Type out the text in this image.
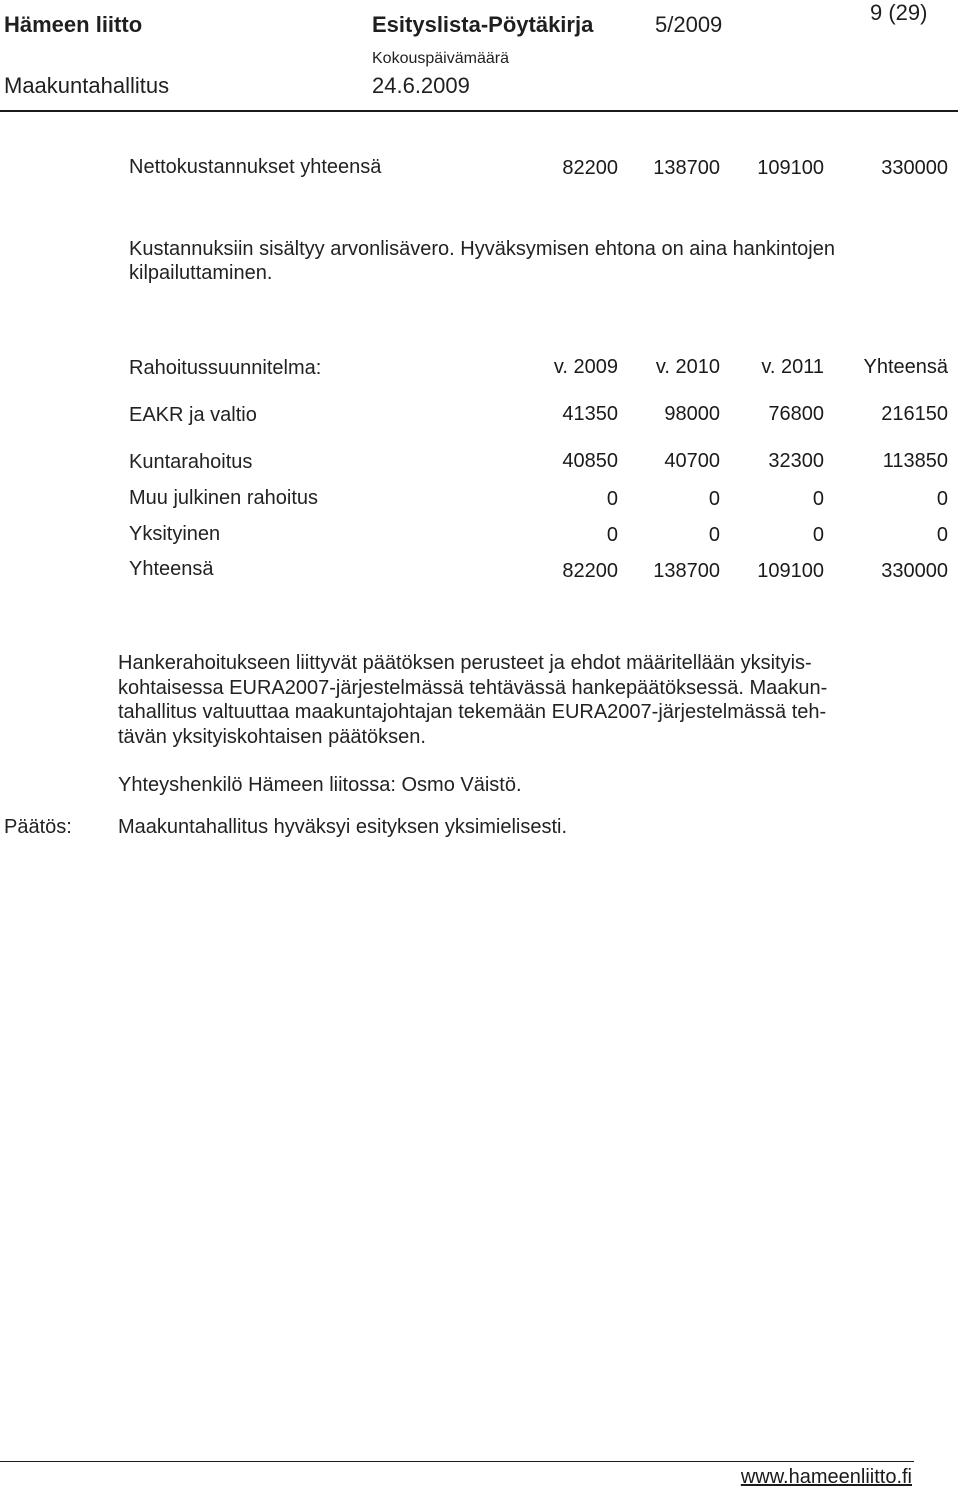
Hämeen liitto	Esityslista-Pöytäkirja	5/2009	9 (29)
Kokouspäivämäärä
Maakuntahallitus	24.6.2009
Nettokustannukset yhteensä	82200 138700 109100	330000
Kustannuksiin sisältyy arvonlisävero. Hyväksymisen ehtona on aina hankintojen
kilpailuttaminen.
Rahoitussuunnitelma:	v. 2009 v. 2010 v. 2011 Yhteensä
EAKR ja valtio	41350 98000 76800	216150
Kuntarahoitus	40850 40700 32300	113850
Muu julkinen rahoitus	0	0	0	0
Yksityinen	0	0	0	0
Yhteensä	82200 138700 109100	330000
Hankerahoitukseen liittyvät päätöksen perusteet ja ehdot määritellään yksityis-
kohtaisessa EURA2007-järjestelmässä tehtävässä hankepäätöksessä. Maakun-
tahallitus valtuuttaa maakuntajohtajan tekemään EURA2007-järjestelmässä teh-
tävän yksityiskohtaisen päätöksen.
Yhteyshenkilö Hämeen liitossa: Osmo Väistö.
Päätös: Maakuntahallitus hyväksyi esityksen yksimielisesti.
www.hameenliitto.fi
